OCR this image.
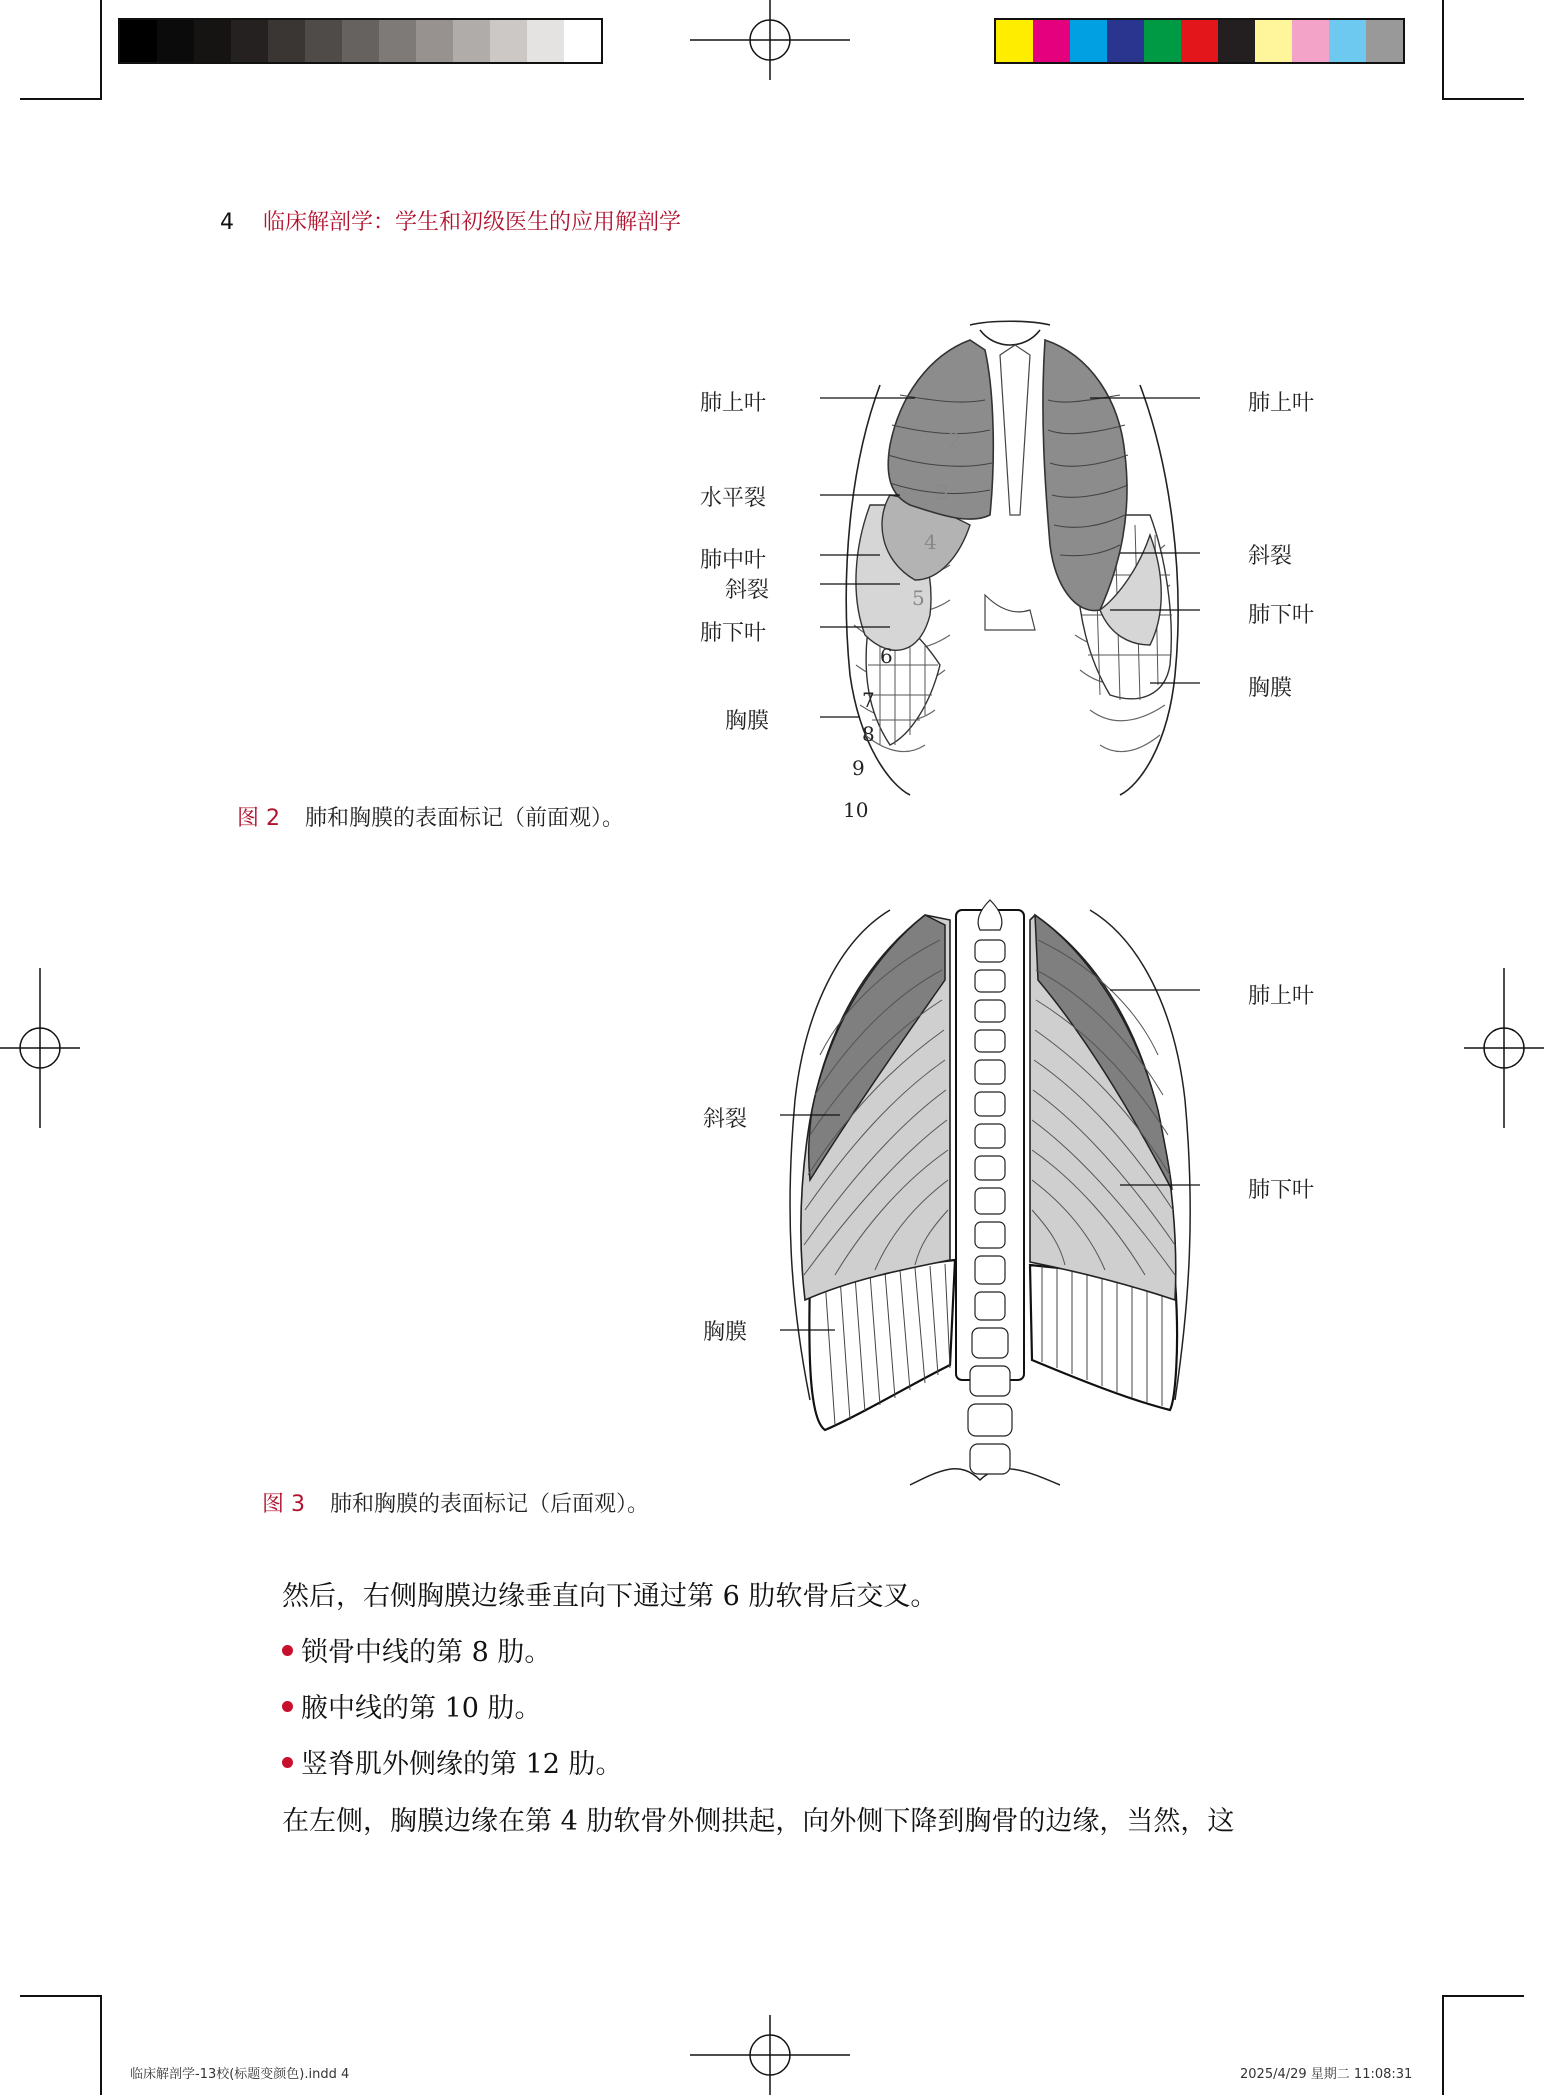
4 临床解剖学：学生和初级医生的应用解剖学
肺上叶
水平裂
肺中叶
斜裂
肺下叶
胸膜
肺上叶
斜裂
肺下叶
胸膜
2
3
4
5
6
7
8
9
10
图 2 肺和胸膜的表面标记（前面观）。
肺上叶
肺下叶
斜裂
胸膜
图 3 肺和胸膜的表面标记（后面观）。
然后，右侧胸膜边缘垂直向下通过第 6 肋软骨后交叉。
锁骨中线的第 8 肋。
腋中线的第 10 肋。
竖脊肌外侧缘的第 12 肋。
在左侧，胸膜边缘在第 4 肋软骨外侧拱起，向外侧下降到胸骨的边缘，当然，这
临床解剖学-13校(标题变颜色).indd 4	2025/4/29 星期二 11:08:31
